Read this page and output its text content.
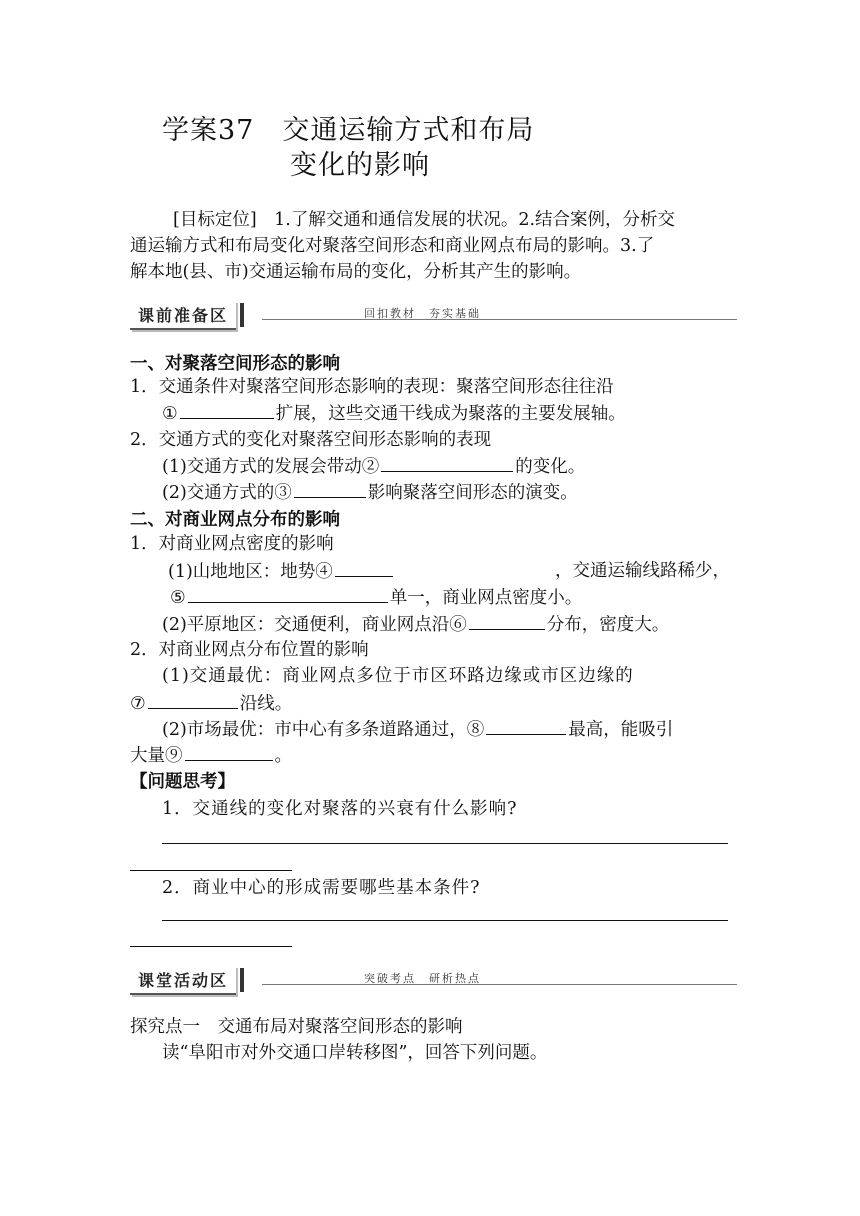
学案37　交通运输方式和布局
变化的影响
[目标定位]　1.了解交通和通信发展的状况。2.结合案例，分析交
通运输方式和布局变化对聚落空间形态和商业网点布局的影响。3.了
解本地(县、市)交通运输布局的变化，分析其产生的影响。
课前准备区	回扣教材　夯实基础
一、对聚落空间形态的影响
1．交通条件对聚落空间形态影响的表现：聚落空间形态往往沿
①	扩展，这些交通干线成为聚落的主要发展轴。
2．交通方式的变化对聚落空间形态影响的表现
(1)交通方式的发展会带动②	的变化。
(2)交通方式的③	影响聚落空间形态的演变。
二、对商业网点分布的影响
1．对商业网点密度的影响
(1)山地地区：地势④	，交通运输线路稀少，
⑤	单一，商业网点密度小。
(2)平原地区：交通便利，商业网点沿⑥	分布，密度大。
2．对商业网点分布位置的影响
(1)交通最优：商业网点多位于市区环路边缘或市区边缘的
⑦	沿线。
(2)市场最优：市中心有多条道路通过，⑧	最高，能吸引
大量⑨	。
【问题思考】
1．交通线的变化对聚落的兴衰有什么影响?
2．商业中心的形成需要哪些基本条件?
课堂活动区	突破考点　研析热点
探究点一　交通布局对聚落空间形态的影响
读“阜阳市对外交通口岸转移图”，回答下列问题。
